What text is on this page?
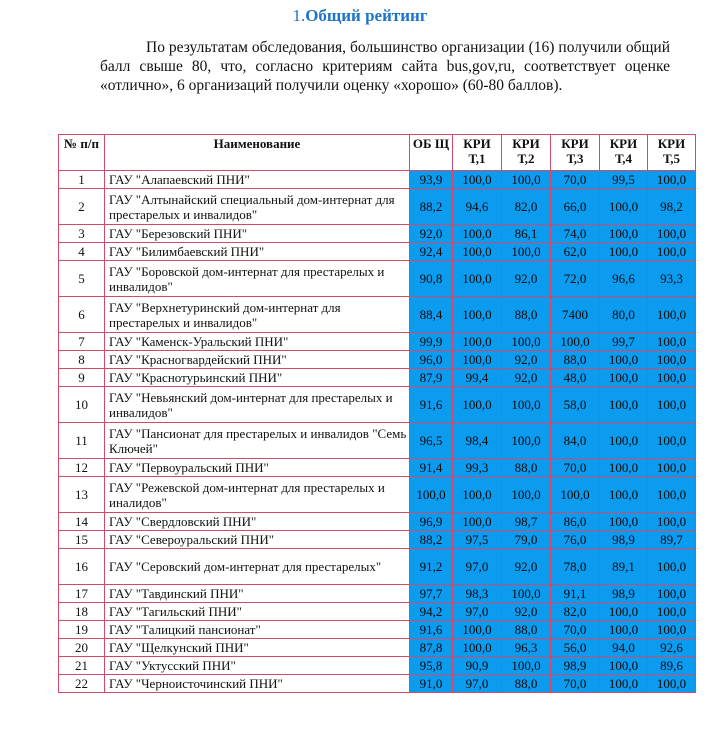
1.Общий рейтинг
По результатам обследования, большинство организации (16) получили общий балл свыше 80, что, согласно критериям сайта bus,gov,ru, соответствует оценке «отлично», 6 организаций получили оценку «хорошо» (60-80 баллов).
№ п/п	Наименование	ОБ Щ	КРИ Т,1	КРИ Т,2	КРИ Т,3	КРИ Т,4	КРИ Т,5
1	ГАУ "Алапаевский ПНИ"	93,9	100,0	100,0	70,0	99,5	100,0
2	ГАУ "Алтынайский специальный дом-интернат для престарелых и инвалидов"	88,2	94,6	82,0	66,0	100,0	98,2
3	ГАУ "Березовский ПНИ"	92,0	100,0	86,1	74,0	100,0	100,0
4	ГАУ "Билимбаевский ПНИ"	92,4	100,0	100,0	62,0	100,0	100,0
5	ГАУ "Боровской дом-интернат для престарелых и инвалидов"	90,8	100,0	92,0	72,0	96,6	93,3
6	ГАУ "Верхнетуринский дом-интернат для престарелых и инвалидов"	88,4	100,0	88,0	7400	80,0	100,0
7	ГАУ "Каменск-Уральский ПНИ"	99,9	100,0	100,0	100,0	99,7	100,0
8	ГАУ "Красногвардейский ПНИ"	96,0	100,0	92,0	88,0	100,0	100,0
9	ГАУ "Краснотурьинский ПНИ"	87,9	99,4	92,0	48,0	100,0	100,0
10	ГАУ "Невьянский дом-интернат для престарелых и инвалидов"	91,6	100,0	100,0	58,0	100,0	100,0
11	ГАУ "Пансионат для престарелых и инвалидов "Семь Ключей"	96,5	98,4	100,0	84,0	100,0	100,0
12	ГАУ "Первоуральский ПНИ"	91,4	99,3	88,0	70,0	100,0	100,0
13	ГАУ "Режевской дом-интернат для престарелых и иналидов"	100,0	100,0	100,0	100,0	100,0	100,0
14	ГАУ "Свердловский ПНИ"	96,9	100,0	98,7	86,0	100,0	100,0
15	ГАУ "Североуральский ПНИ"	88,2	97,5	79,0	76,0	98,9	89,7
16	ГАУ "Серовский дом-интернат для престарелых"	91,2	97,0	92,0	78,0	89,1	100,0
17	ГАУ "Тавдинский ПНИ"	97,7	98,3	100,0	91,1	98,9	100,0
18	ГАУ "Тагильский ПНИ"	94,2	97,0	92,0	82,0	100,0	100,0
19	ГАУ "Талицкий пансионат"	91,6	100,0	88,0	70,0	100,0	100,0
20	ГАУ "Щелкунский ПНИ"	87,8	100,0	96,3	56,0	94,0	92,6
21	ГАУ "Уктусский ПНИ"	95,8	90,9	100,0	98,9	100,0	89,6
22	ГАУ "Черноисточинский ПНИ"	91,0	97,0	88,0	70,0	100,0	100,0
